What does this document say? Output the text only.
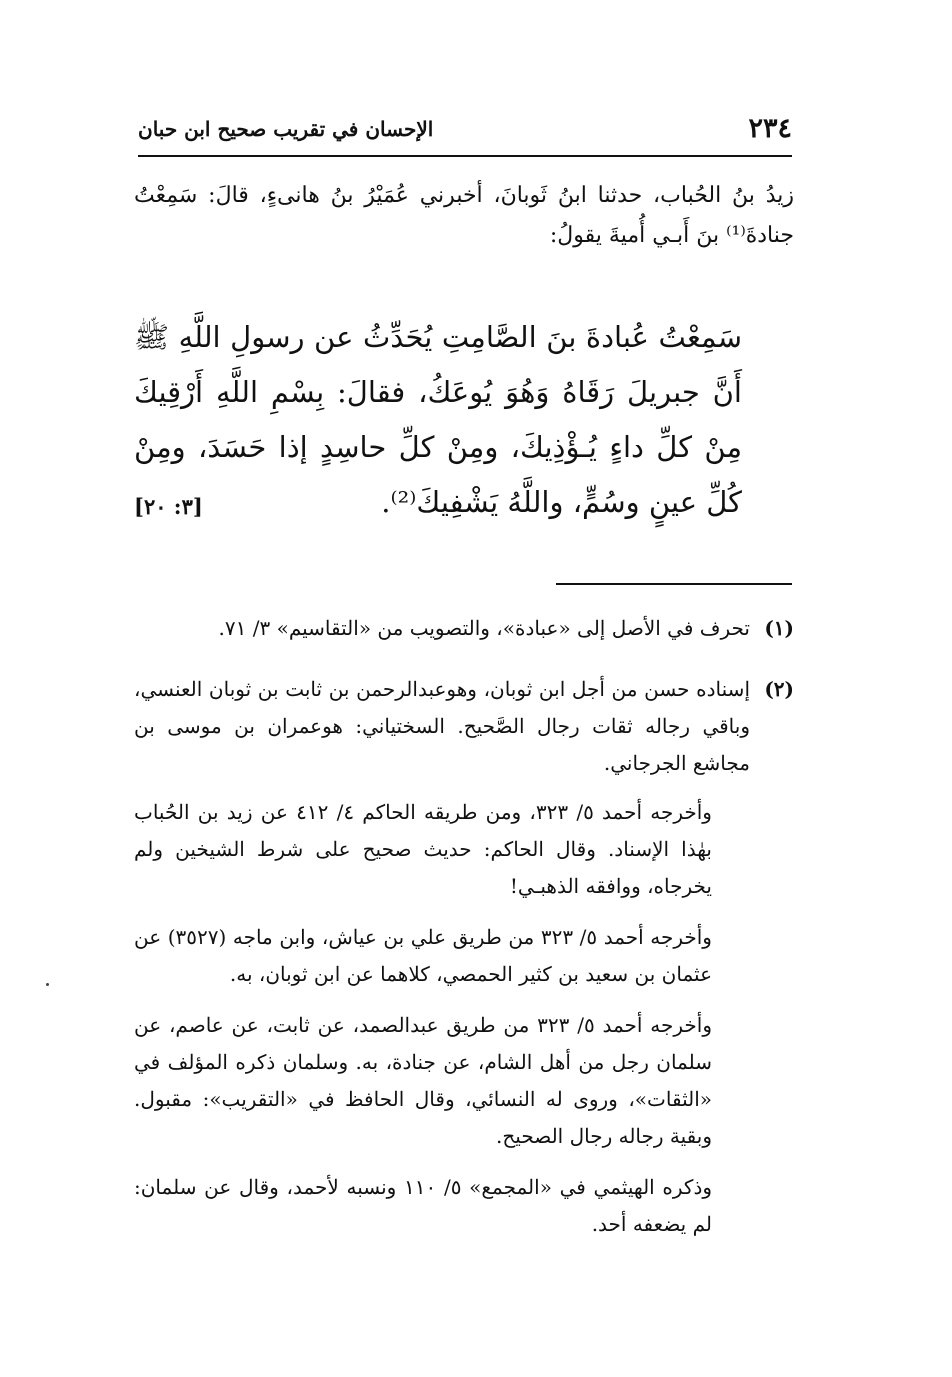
٢٣٤
الإحسان في تقريب صحيح ابن حبان
زيدُ بنُ الحُباب، حدثنا ابنُ ثَوبانَ، أخبرني عُمَيْرُ بنُ هانىءٍ، قالَ: سَمِعْتُ جنادةَ⁽¹⁾ بنَ أَبـي أُميةَ يقولُ:

سَمِعْتُ عُبادةَ بنَ الصَّامِتِ يُحَدِّثُ عن رسولِ اللَّهِ ﷺ أَنَّ جبريلَ رَقَاهُ وَهُوَ يُوعَكُ، فقالَ: بِسْمِ اللَّهِ أَرْقِيكَ مِنْ كلِّ داءٍ يُـؤْذِيكَ، ومِنْ كلِّ حاسِدٍ إذا حَسَدَ، ومِنْ كُلِّ عينٍ وسُمٍّ، واللَّهُ يَشْفِيكَ⁽²⁾.
[٣: ٢٠]

(١)

تحرف في الأصل إلى «عبادة»، والتصويب من «التقاسيم» ٣/ ٧١.

(٢)

إسناده حسن من أجل ابن ثوبان، وهوعبدالرحمن بن ثابت بن ثوبان العنسي، وباقي رجاله ثقات رجال الصَّحيح. السختياني: هوعمران بن موسى بن مجاشع الجرجاني.

وأخرجه أحمد ٥/ ٣٢٣، ومن طريقه الحاكم ٤/ ٤١٢ عن زيد بن الحُباب بهٰذا الإسناد. وقال الحاكم: حديث صحيح على شرط الشيخين ولم يخرجاه، ووافقه الذهبـي!

وأخرجه أحمد ٥/ ٣٢٣ من طريق علي بن عياش، وابن ماجه (٣٥٢٧) عن عثمان بن سعيد بن كثير الحمصي، كلاهما عن ابن ثوبان، به.

وأخرجه أحمد ٥/ ٣٢٣ من طريق عبدالصمد، عن ثابت، عن عاصم، عن سلمان رجل من أهل الشام، عن جنادة، به. وسلمان ذكره المؤلف في «الثقات»، وروى له النسائي، وقال الحافظ في «التقريب»: مقبول. وبقية رجاله رجال الصحيح.

وذكره الهيثمي في «المجمع» ٥/ ١١٠ ونسبه لأحمد، وقال عن سلمان: لم يضعفه أحد.
